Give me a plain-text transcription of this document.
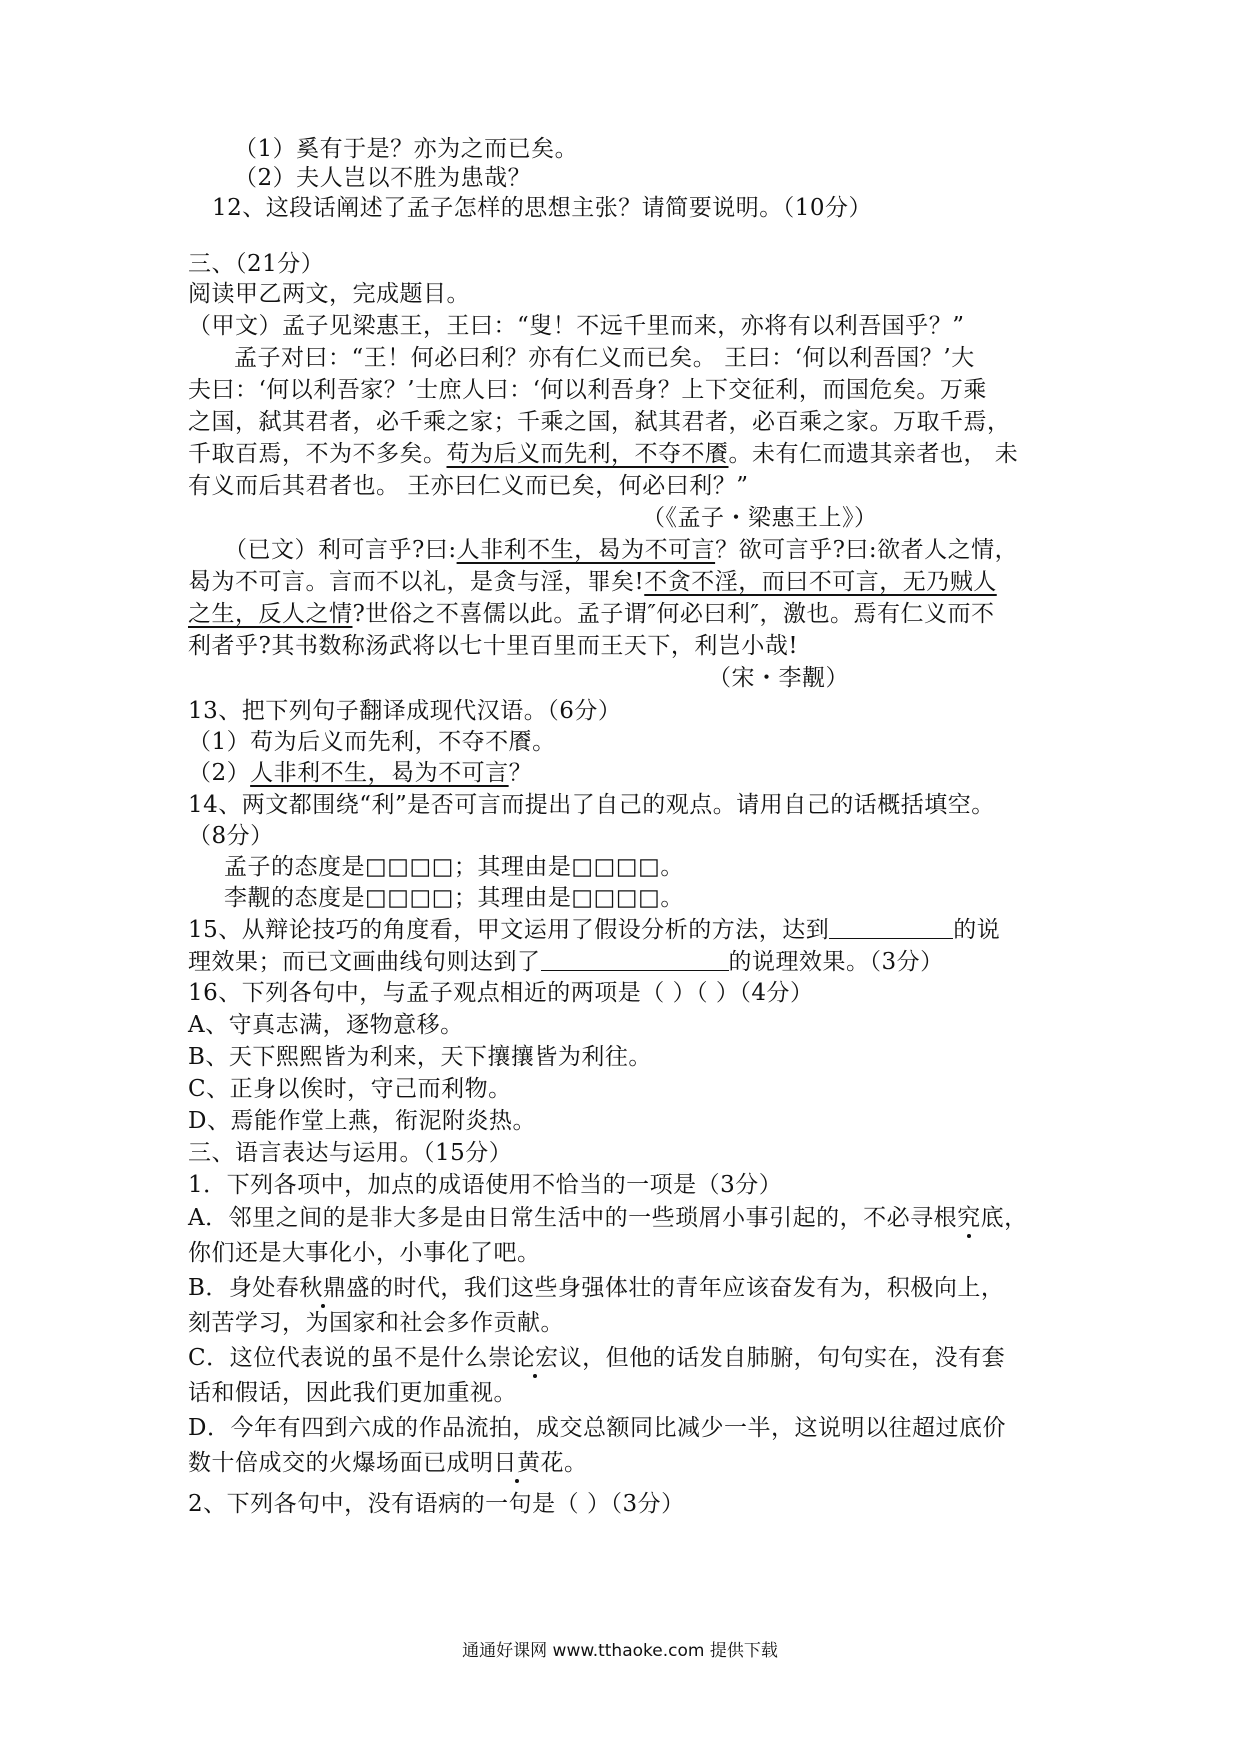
（1）奚有于是？亦为之而已矣。
（2）夫人岂以不胜为患哉？
12、这段话阐述了孟子怎样的思想主张？请简要说明。（10分）
三、（21分）
阅读甲乙两文，完成题目。
（甲文）孟子见梁惠王，王曰：“叟！不远千里而来，亦将有以利吾国乎？”
孟子对曰：“王！何必曰利？亦有仁义而已矣。 王曰：‘何以利吾国？’大
夫曰：‘何以利吾家？’士庶人曰：‘何以利吾身？上下交征利，而国危矣。万乘
之国，弑其君者，必千乘之家；千乘之国，弑其君者，必百乘之家。万取千焉，
千取百焉，不为不多矣。苟为后义而先利，不夺不餍。未有仁而遗其亲者也， 未
有义而后其君者也。 王亦曰仁义而已矣，何必曰利？”
（《孟子・梁惠王上》）
（已文）利可言乎?曰:人非利不生，曷为不可言？欲可言乎?曰:欲者人之情，
曷为不可言。言而不以礼，是贪与淫，罪矣!不贪不淫，而曰不可言，无乃贼人
之生，反人之情?世俗之不喜儒以此。孟子谓″何必曰利″，激也。焉有仁义而不
利者乎?其书数称汤武将以七十里百里而王天下，利岂小哉!
（宋・李觏）
13、把下列句子翻译成现代汉语。（6分）
（1）苟为后义而先利，不夺不餍。
（2）人非利不生，曷为不可言？
14、两文都围绕“利”是否可言而提出了自己的观点。请用自己的话概括填空。
（8分）
孟子的态度是□□□□；其理由是□□□□。
李觏的态度是□□□□；其理由是□□□□。
15、从辩论技巧的角度看，甲文运用了假设分析的方法，达到	的说
理效果；而已文画曲线句则达到了	的说理效果。（3分）
16、下列各句中，与孟子观点相近的两项是（ ）（ ）（4分）
A、守真志满，逐物意移。
B、天下熙熙皆为利来，天下攘攘皆为利往。
C、正身以俟时，守己而利物。
D、焉能作堂上燕，衔泥附炎热。
三、语言表达与运用。（15分）
1．下列各项中，加点的成语使用不恰当的一项是（3分）
A．邻里之间的是非大多是由日常生活中的一些琐屑小事引起的，不必寻根究底，
你们还是大事化小，小事化了吧。
B．身处春秋鼎盛的时代，我们这些身强体壮的青年应该奋发有为，积极向上，
刻苦学习，为国家和社会多作贡献。
C．这位代表说的虽不是什么崇论宏议，但他的话发自肺腑，句句实在，没有套
话和假话，因此我们更加重视。
D．今年有四到六成的作品流拍，成交总额同比减少一半，这说明以往超过底价
数十倍成交的火爆场面已成明日黄花。
2、下列各句中，没有语病的一句是（ ）（3分）
通通好课网 www.tthaoke.com 提供下载
